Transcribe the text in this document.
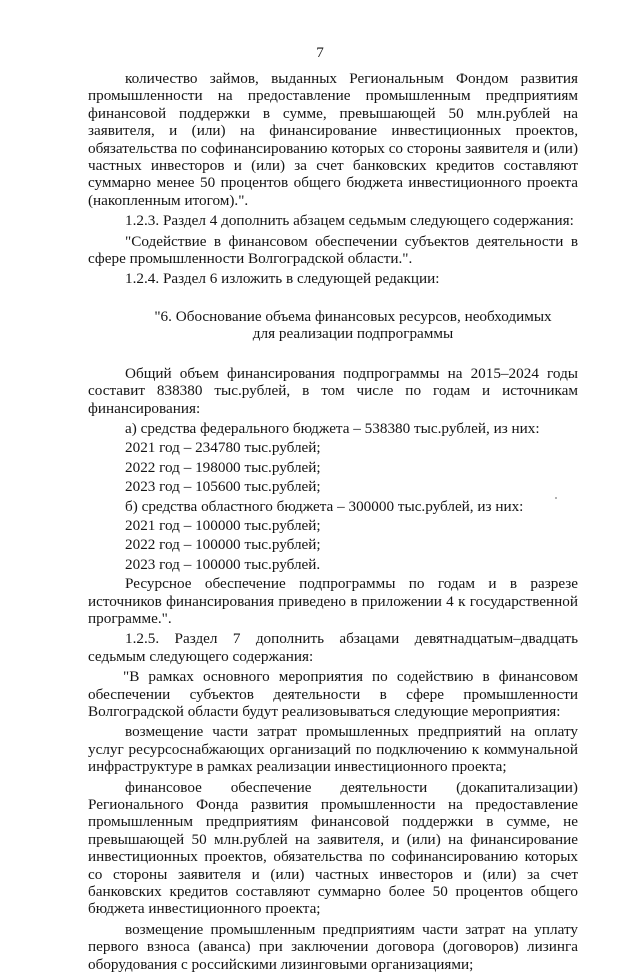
7

количество займов, выданных Региональным Фондом развития промышленности на предоставление промышленным предприятиям финансовой поддержки в сумме, превышающей 50 млн.рублей на заявителя, и (или) на финансирование инвестиционных проектов, обязательства по софинансированию которых со стороны заявителя и (или) частных инвесторов и (или) за счет банковских кредитов составляют суммарно менее 50 процентов общего бюджета инвестиционного проекта (накопленным итогом).".

1.2.3. Раздел 4 дополнить абзацем седьмым следующего содержания:

"Содействие в финансовом обеспечении субъектов деятельности в сфере промышленности Волгоградской области.".

1.2.4. Раздел 6 изложить в следующей редакции:

"6. Обоснование объема финансовых ресурсов, необходимых
для реализации подпрограммы

Общий объем финансирования подпрограммы на 2015–2024 годы составит 838380 тыс.рублей, в том числе по годам и источникам финансирования:

а) средства федерального бюджета – 538380 тыс.рублей, из них:
2021 год – 234780 тыс.рублей;
2022 год – 198000 тыс.рублей;
2023 год – 105600 тыс.рублей;
б) средства областного бюджета – 300000 тыс.рублей, из них:
2021 год – 100000 тыс.рублей;
2022 год – 100000 тыс.рублей;
2023 год – 100000 тыс.рублей.

Ресурсное обеспечение подпрограммы по годам и в разрезе источников финансирования приведено в приложении 4 к государственной программе.".

1.2.5. Раздел 7 дополнить абзацами девятнадцатым–двадцать седьмым следующего содержания:

"В рамках основного мероприятия по содействию в финансовом обеспечении субъектов деятельности в сфере промышленности Волгоградской области будут реализовываться следующие мероприятия:

возмещение части затрат промышленных предприятий на оплату услуг ресурсоснабжающих организаций по подключению к коммунальной инфраструктуре в рамках реализации инвестиционного проекта;

финансовое обеспечение деятельности (докапитализации) Регионального Фонда развития промышленности на предоставление промышленным предприятиям финансовой поддержки в сумме, не превышающей 50 млн.рублей на заявителя, и (или) на финансирование инвестиционных проектов, обязательства по софинансированию которых со стороны заявителя и (или) частных инвесторов и (или) за счет банковских кредитов составляют суммарно более 50 процентов общего бюджета инвестиционного проекта;

возмещение промышленным предприятиям части затрат на уплату первого взноса (аванса) при заключении договора (договоров) лизинга оборудования с российскими лизинговыми организациями;
